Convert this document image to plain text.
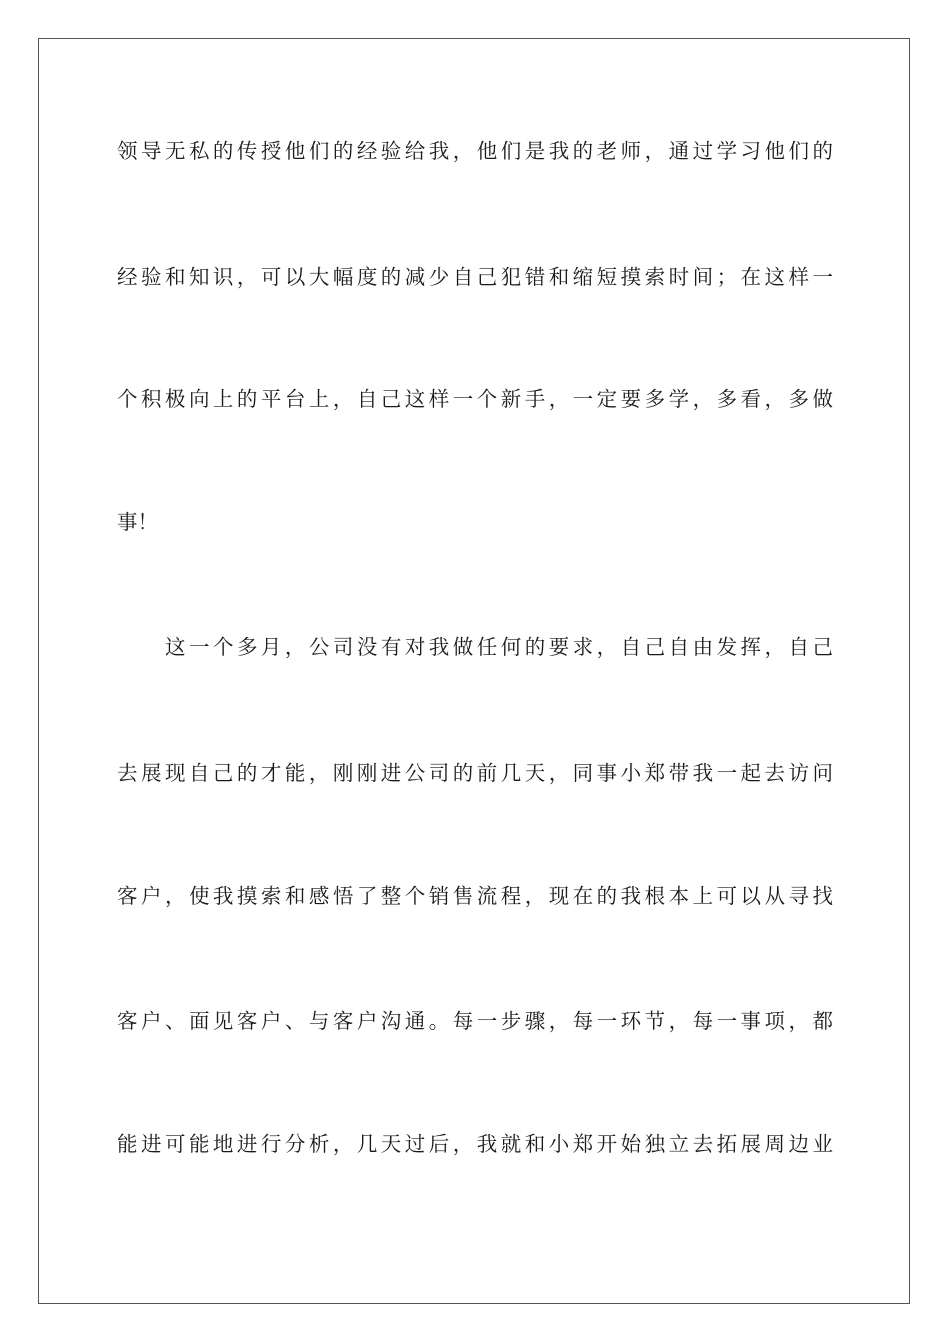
领导无私的传授他们的经验给我，他们是我的老师，通过学习他们的
经验和知识，可以大幅度的减少自己犯错和缩短摸索时间；在这样一
个积极向上的平台上，自己这样一个新手，一定要多学，多看，多做
事！
这一个多月，公司没有对我做任何的要求，自己自由发挥，自己
去展现自己的才能，刚刚进公司的前几天，同事小郑带我一起去访问
客户，使我摸索和感悟了整个销售流程，现在的我根本上可以从寻找
客户、面见客户、与客户沟通。每一步骤，每一环节，每一事项，都
能进可能地进行分析，几天过后，我就和小郑开始独立去拓展周边业
